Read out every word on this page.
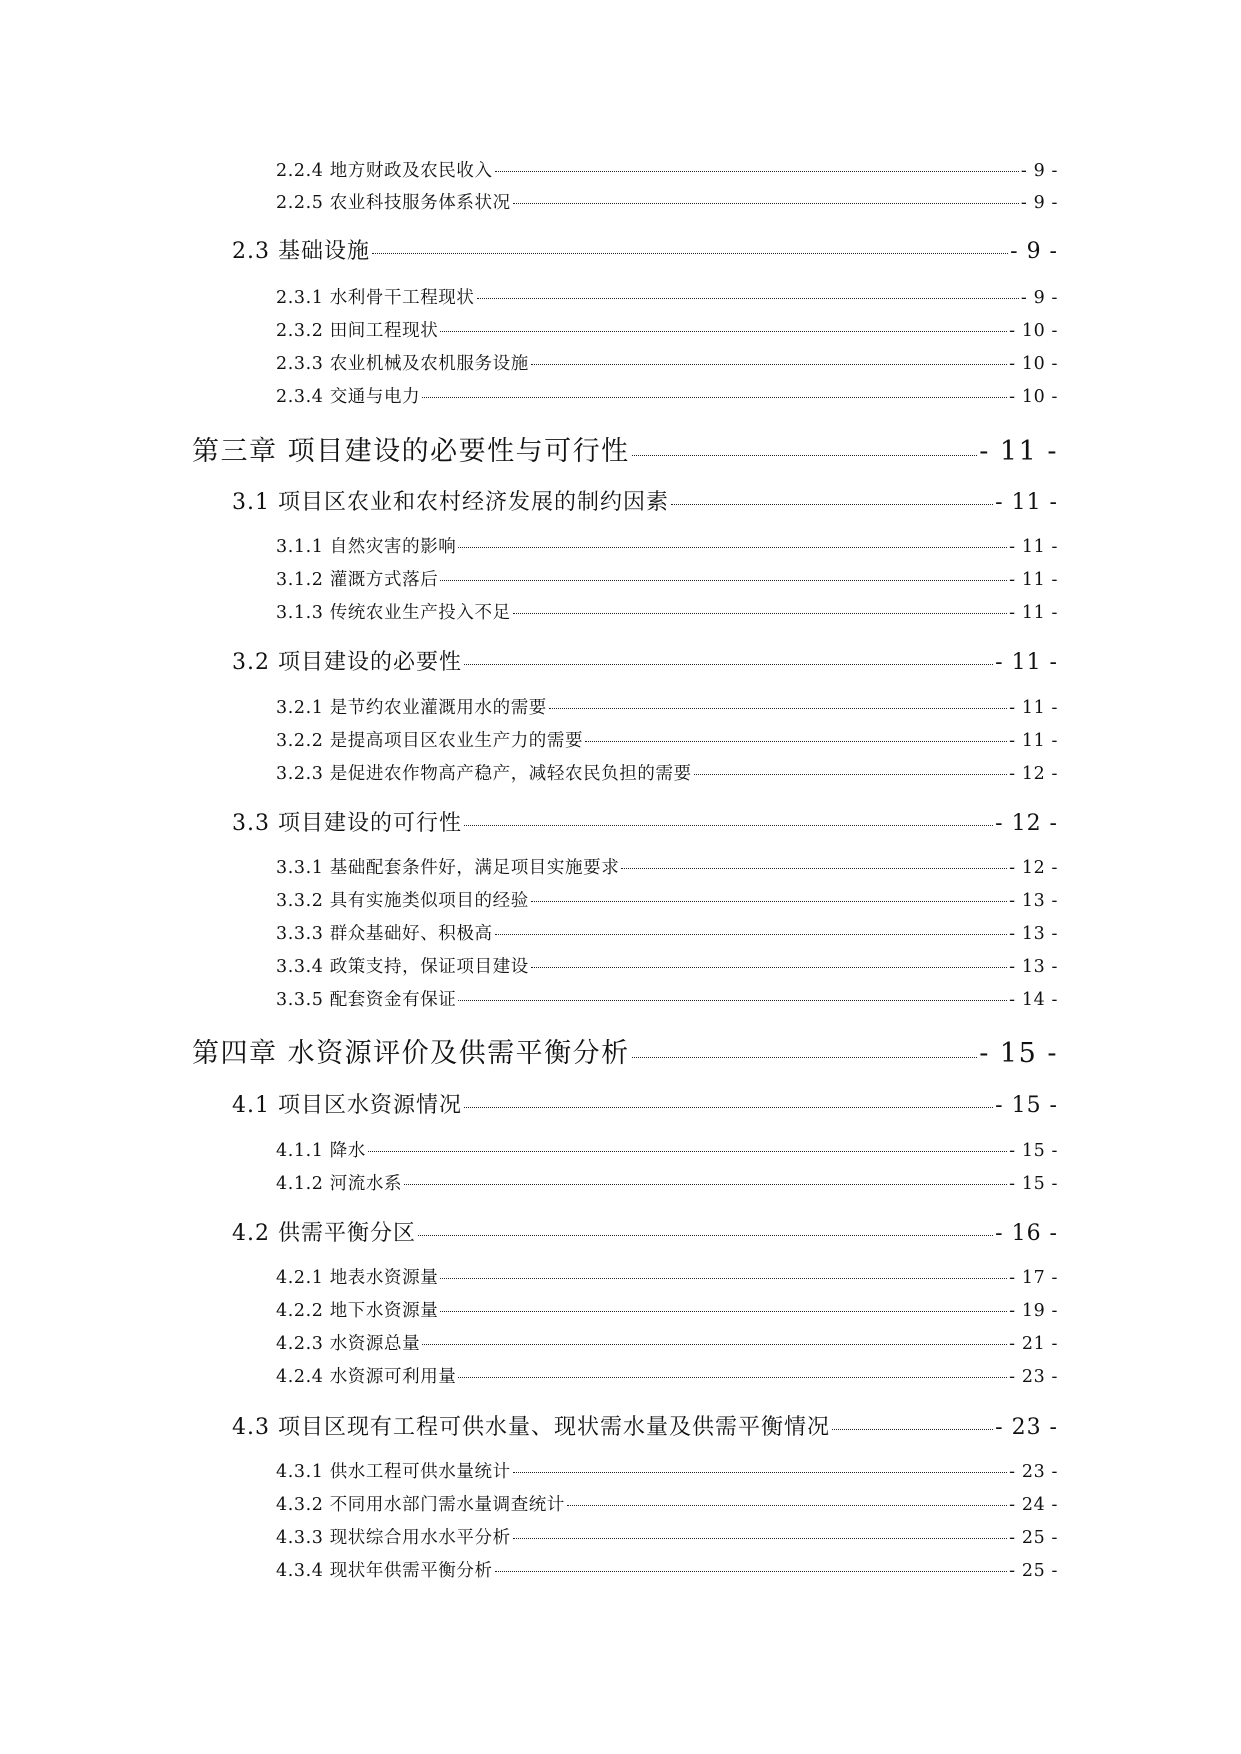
2.2.4 地方财政及农民收入	- 9 -
2.2.5 农业科技服务体系状况	- 9 -
2.3 基础设施	- 9 -
2.3.1 水利骨干工程现状	- 9 -
2.3.2 田间工程现状	- 10 -
2.3.3 农业机械及农机服务设施	- 10 -
2.3.4 交通与电力	- 10 -
第三章 项目建设的必要性与可行性	- 11 -
3.1 项目区农业和农村经济发展的制约因素	- 11 -
3.1.1 自然灾害的影响	- 11 -
3.1.2 灌溉方式落后	- 11 -
3.1.3 传统农业生产投入不足	- 11 -
3.2 项目建设的必要性	- 11 -
3.2.1 是节约农业灌溉用水的需要	- 11 -
3.2.2 是提高项目区农业生产力的需要	- 11 -
3.2.3 是促进农作物高产稳产，减轻农民负担的需要	- 12 -
3.3 项目建设的可行性	- 12 -
3.3.1 基础配套条件好，满足项目实施要求	- 12 -
3.3.2 具有实施类似项目的经验	- 13 -
3.3.3 群众基础好、积极高	- 13 -
3.3.4 政策支持，保证项目建设	- 13 -
3.3.5 配套资金有保证	- 14 -
第四章 水资源评价及供需平衡分析	- 15 -
4.1 项目区水资源情况	- 15 -
4.1.1 降水	- 15 -
4.1.2 河流水系	- 15 -
4.2 供需平衡分区	- 16 -
4.2.1 地表水资源量	- 17 -
4.2.2 地下水资源量	- 19 -
4.2.3 水资源总量	- 21 -
4.2.4 水资源可利用量	- 23 -
4.3 项目区现有工程可供水量、现状需水量及供需平衡情况	- 23 -
4.3.1 供水工程可供水量统计	- 23 -
4.3.2 不同用水部门需水量调查统计	- 24 -
4.3.3 现状综合用水水平分析	- 25 -
4.3.4 现状年供需平衡分析	- 25 -
